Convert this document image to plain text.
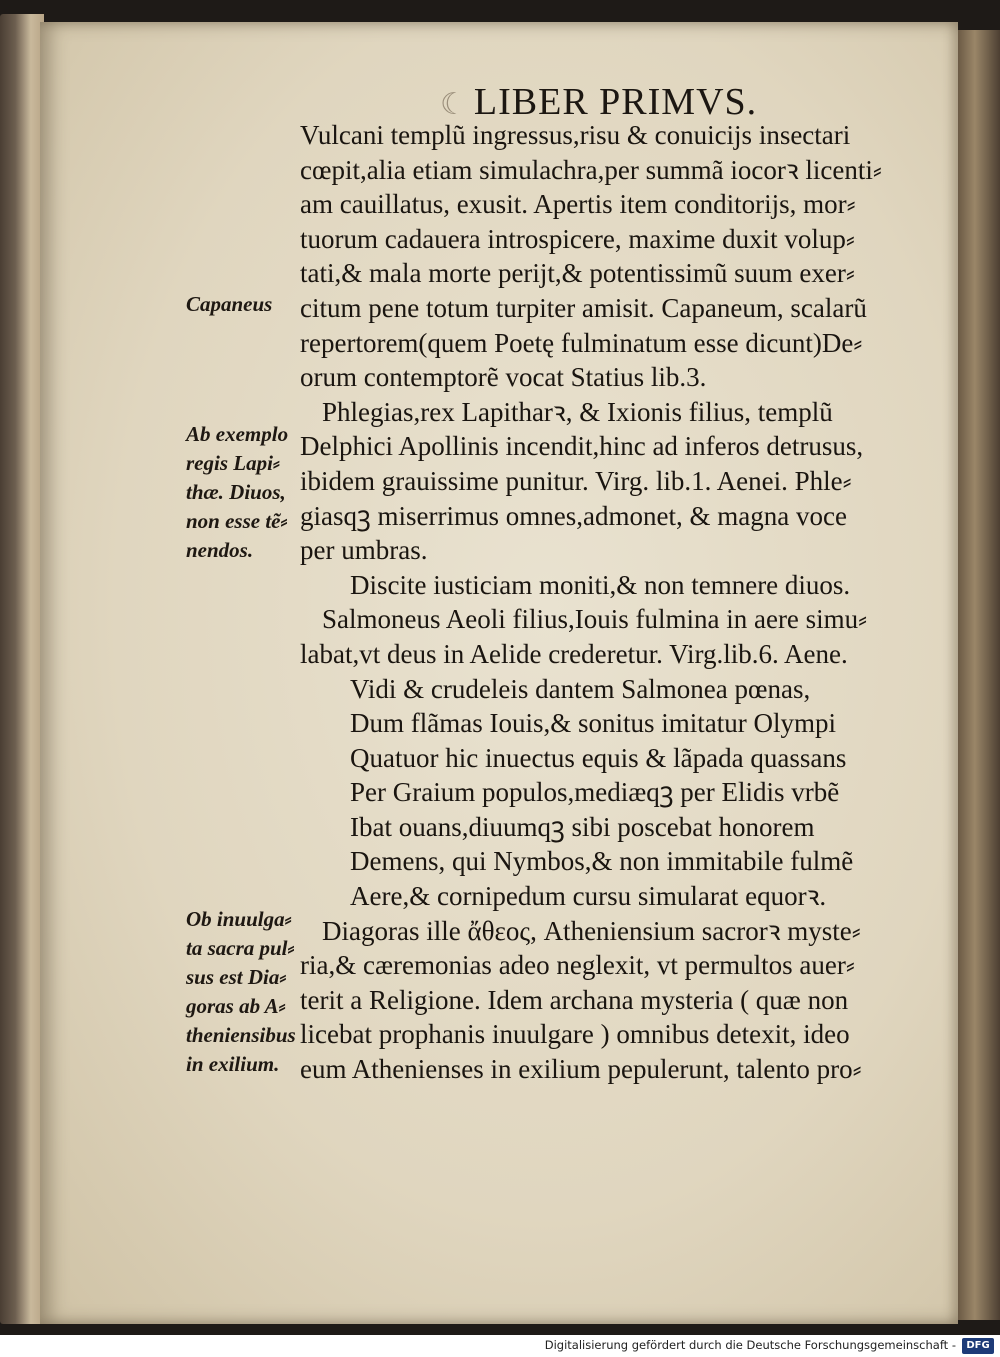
☾ LIBER PRIMVS.
Vulcani templũ ingressus,risu & conuicijs insectari
cœpit,alia etiam simulachra,per summã iocorꝛ licenti⸗
am cauillatus, exusit. Apertis item conditorijs, mor⸗
tuorum cadauera introspicere, maxime duxit volup⸗
tati,& mala morte perijt,& potentissimũ suum exer⸗
citum pene totum turpiter amisit. Capaneum, scalarũ
repertorem(quem Poetę fulminatum esse dicunt)De⸗
orum contemptorẽ vocat Statius lib.3.
Phlegias,rex Lapitharꝛ, & Ixionis filius, templũ
Delphici Apollinis incendit,hinc ad inferos detrusus,
ibidem grauissime punitur. Virg. lib.1. Aenei. Phle⸗
giasqꝫ miserrimus omnes,admonet, & magna voce
per umbras.
Discite iusticiam moniti,& non temnere diuos.
Salmoneus Aeoli filius,Iouis fulmina in aere simu⸗
labat,vt deus in Aelide crederetur. Virg.lib.6. Aene.
Vidi & crudeleis dantem Salmonea pœnas,
Dum flãmas Iouis,& sonitus imitatur Olympi
Quatuor hic inuectus equis & lãpada quassans
Per Graium populos,mediæqꝫ per Elidis vrbẽ
Ibat ouans,diuumqꝫ sibi poscebat honorem
Demens, qui Nymbos,& non immitabile fulmẽ
Aere,& cornipedum cursu simularat equorꝛ.
Diagoras ille ἄθεος, Atheniensium sacrorꝛ myste⸗
ria,& cæremonias adeo neglexit, vt permultos auer⸗
terit a Religione. Idem archana mysteria ( quæ non
licebat prophanis inuulgare ) omnibus detexit, ideo
eum Athenienses in exilium pepulerunt, talento pro⸗
Capaneus
Ab exemplo
regis Lapi⸗
thæ. Diuos,
non esse tẽ⸗
nendos.
Ob inuulga⸗
ta sacra pul⸗
sus est Dia⸗
goras ab A⸗
theniensibus
in exilium.
Digitalisierung gefördert durch die Deutsche Forschungsgemeinschaft -	DFG
